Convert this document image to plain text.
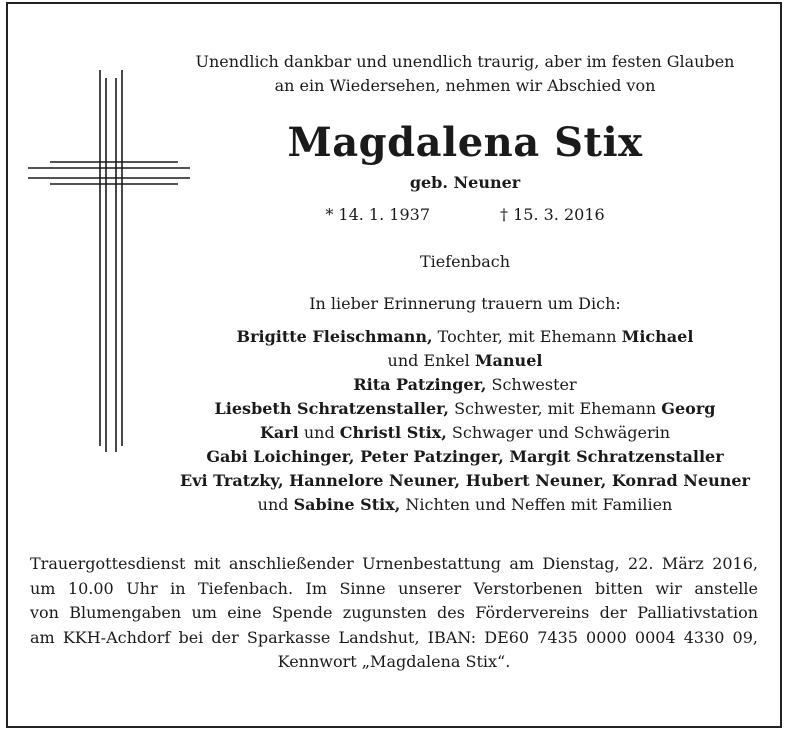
Unendlich dankbar und unendlich traurig, aber im festen Glauben
an ein Wiedersehen, nehmen wir Abschied von
Magdalena Stix
geb. Neuner
* 14. 1. 1937	† 15. 3. 2016
Tiefenbach
In lieber Erinnerung trauern um Dich:
Brigitte Fleischmann, Tochter, mit Ehemann Michael
und Enkel Manuel
Rita Patzinger, Schwester
Liesbeth Schratzenstaller, Schwester, mit Ehemann Georg
Karl und Christl Stix, Schwager und Schwägerin
Gabi Loichinger, Peter Patzinger, Margit Schratzenstaller
Evi Tratzky, Hannelore Neuner, Hubert Neuner, Konrad Neuner
und Sabine Stix, Nichten und Neffen mit Familien
Trauergottesdienst mit anschließender Urnenbestattung am Dienstag, 22. März 2016,
um 10.00 Uhr in Tiefenbach. Im Sinne unserer Verstorbenen bitten wir anstelle
von Blumengaben um eine Spende zugunsten des Fördervereins der Palliativstation
am KKH-Achdorf bei der Sparkasse Landshut, IBAN: DE60 7435 0000 0004 4330 09,
Kennwort „Magdalena Stix“.
